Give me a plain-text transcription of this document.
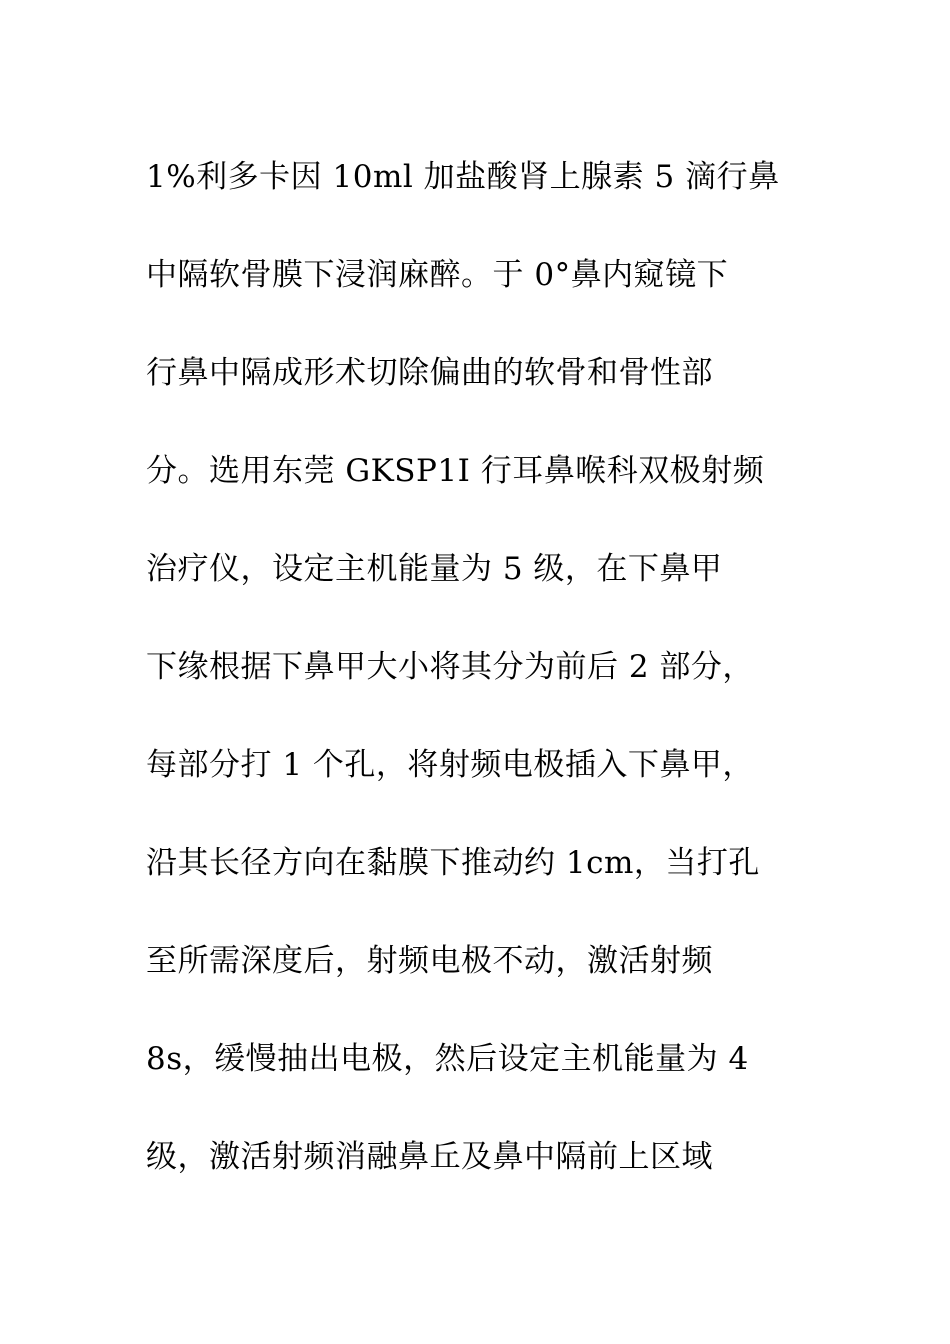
1%利多卡因 10ml 加盐酸肾上腺素 5 滴行鼻
中隔软骨膜下浸润麻醉。于 0°鼻内窥镜下
行鼻中隔成形术切除偏曲的软骨和骨性部
分。选用东莞 GKSP1I 行耳鼻喉科双极射频
治疗仪，设定主机能量为 5 级，在下鼻甲
下缘根据下鼻甲大小将其分为前后 2 部分，
每部分打 1 个孔，将射频电极插入下鼻甲，
沿其长径方向在黏膜下推动约 1cm，当打孔
至所需深度后，射频电极不动，激活射频
8s，缓慢抽出电极，然后设定主机能量为 4
级，激活射频消融鼻丘及鼻中隔前上区域
